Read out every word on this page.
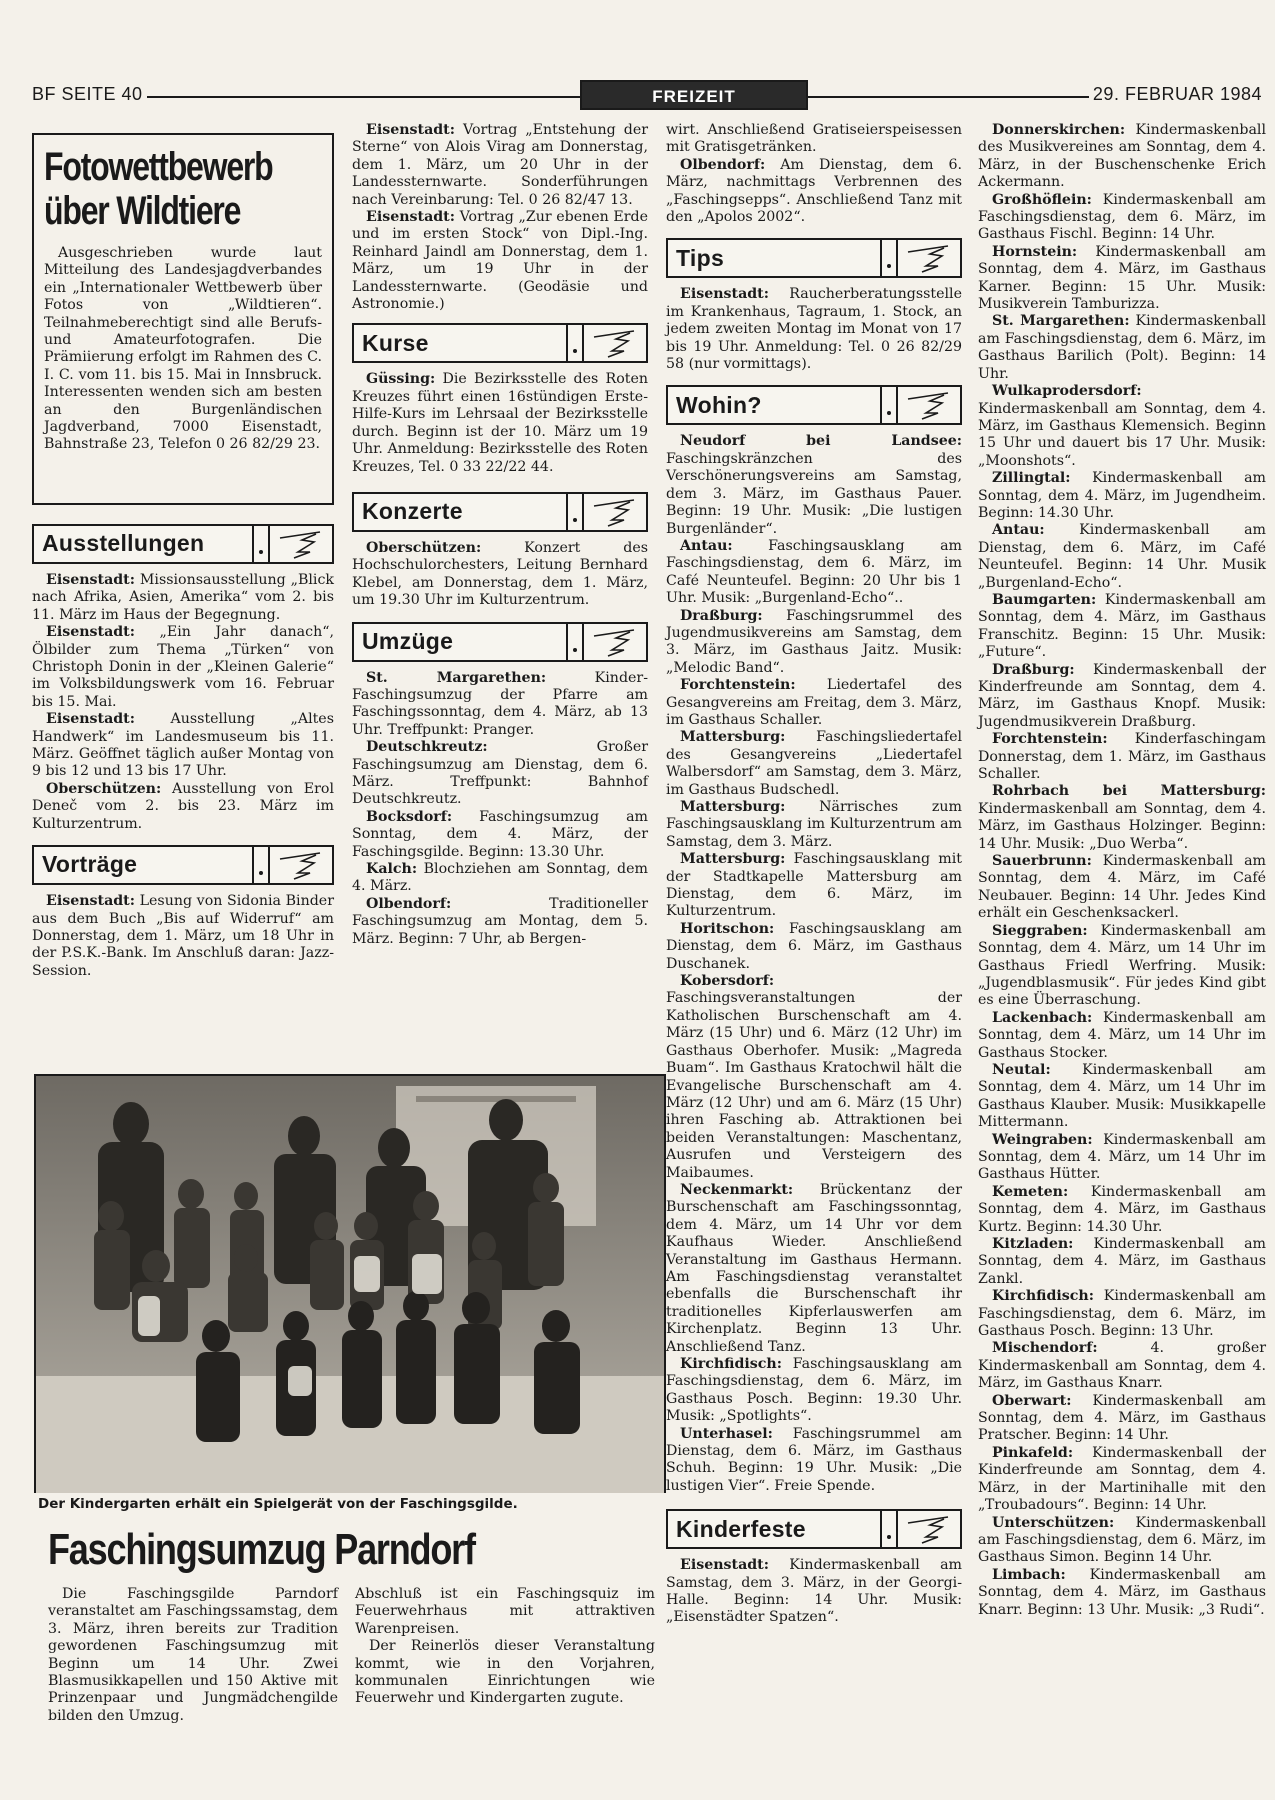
BF SEITE 40	FREIZEIT	29. FEBRUAR 1984
Fotowettbewerb
über Wildtiere

Ausgeschrieben wurde laut Mitteilung des Landesjagdverbandes ein „Internationaler Wettbewerb über Fotos von „Wildtieren“. Teilnahmeberechtigt sind alle Berufs- und Amateurfotografen. Die Prämiierung erfolgt im Rahmen des C. I. C. vom 11. bis 15. Mai in Innsbruck. Interessenten wenden sich am besten an den Burgenländischen Jagdverband, 7000 Eisenstadt, Bahnstraße 23, Telefon 0 26 82/29 23.

Ausstellungen

Eisenstadt: Missionsausstellung „Blick nach Afrika, Asien, Amerika“ vom 2. bis 11. März im Haus der Begegnung.

Eisenstadt: „Ein Jahr danach“, Ölbilder zum Thema „Türken“ von Christoph Donin in der „Kleinen Galerie“ im Volksbildungswerk vom 16. Februar bis 15. Mai.

Eisenstadt: Ausstellung „Altes Handwerk“ im Landesmuseum bis 11. März. Geöffnet täglich außer Montag von 9 bis 12 und 13 bis 17 Uhr.

Oberschützen: Ausstellung von Erol Deneč vom 2. bis 23. März im Kulturzentrum.

Vorträge

Eisenstadt: Lesung von Sidonia Binder aus dem Buch „Bis auf Widerruf“ am Donnerstag, dem 1. März, um 18 Uhr in der P.S.K.-Bank. Im Anschluß daran: Jazz-Session.

Eisenstadt: Vortrag „Entstehung der Sterne“ von Alois Virag am Donnerstag, dem 1. März, um 20 Uhr in der Landessternwarte. Sonderführungen nach Vereinbarung: Tel. 0 26 82/47 13.

Eisenstadt: Vortrag „Zur ebenen Erde und im ersten Stock“ von Dipl.-Ing. Reinhard Jaindl am Donnerstag, dem 1. März, um 19 Uhr in der Landessternwarte. (Geodäsie und Astronomie.)

Kurse

Güssing: Die Bezirksstelle des Roten Kreuzes führt einen 16stündigen Erste-Hilfe-Kurs im Lehrsaal der Bezirksstelle durch. Beginn ist der 10. März um 19 Uhr. Anmeldung: Bezirksstelle des Roten Kreuzes, Tel. 0 33 22/22 44.

Konzerte

Oberschützen: Konzert des Hochschulorchesters, Leitung Bernhard Klebel, am Donnerstag, dem 1. März, um 19.30 Uhr im Kulturzentrum.

Umzüge

St. Margarethen: Kinder-Faschingsumzug der Pfarre am Faschingssonntag, dem 4. März, ab 13 Uhr. Treffpunkt: Pranger.

Deutschkreutz: Großer Faschingsumzug am Dienstag, dem 6. März. Treffpunkt: Bahnhof Deutschkreutz.

Bocksdorf: Faschingsumzug am Sonntag, dem 4. März, der Faschingsgilde. Beginn: 13.30 Uhr.

Kalch: Blochziehen am Sonntag, dem 4. März.

Olbendorf: Traditioneller Faschingsumzug am Montag, dem 5. März. Beginn: 7 Uhr, ab Bergen-

wirt. Anschließend Gratiseierspeisessen mit Gratisgetränken.

Olbendorf: Am Dienstag, dem 6. März, nachmittags Verbrennen des „Faschingsepps“. Anschließend Tanz mit den „Apolos 2002“.

Tips

Eisenstadt: Raucherberatungsstelle im Krankenhaus, Tagraum, 1. Stock, an jedem zweiten Montag im Monat von 17 bis 19 Uhr. Anmeldung: Tel. 0 26 82/29 58 (nur vormittags).

Wohin?

Neudorf bei Landsee: Faschingskränzchen des Verschönerungsvereins am Samstag, dem 3. März, im Gasthaus Pauer. Beginn: 19 Uhr. Musik: „Die lustigen Burgenländer“.

Antau: Faschingsausklang am Faschingsdienstag, dem 6. März, im Café Neunteufel. Beginn: 20 Uhr bis 1 Uhr. Musik: „Burgenland-Echo“..

Draßburg: Faschingsrummel des Jugendmusikvereins am Samstag, dem 3. März, im Gasthaus Jaitz. Musik: „Melodic Band“.

Forchtenstein: Liedertafel des Gesangvereins am Freitag, dem 3. März, im Gasthaus Schaller.

Mattersburg: Faschingsliedertafel des Gesangvereins „Liedertafel Walbersdorf“ am Samstag, dem 3. März, im Gasthaus Budschedl.

Mattersburg: Närrisches zum Faschingsausklang im Kulturzentrum am Samstag, dem 3. März.

Mattersburg: Faschingsausklang mit der Stadtkapelle Mattersburg am Dienstag, dem 6. März, im Kulturzentrum.

Horitschon: Faschingsausklang am Dienstag, dem 6. März, im Gasthaus Duschanek.

Kobersdorf: Faschingsveranstaltungen der Katholischen Burschenschaft am 4. März (15 Uhr) und 6. März (12 Uhr) im Gasthaus Oberhofer. Musik: „Magreda Buam“. Im Gasthaus Kratochwil hält die Evangelische Burschenschaft am 4. März (12 Uhr) und am 6. März (15 Uhr) ihren Fasching ab. Attraktionen bei beiden Veranstaltungen: Maschentanz, Ausrufen und Versteigern des Maibaumes.

Neckenmarkt: Brückentanz der Burschenschaft am Faschingssonntag, dem 4. März, um 14 Uhr vor dem Kaufhaus Wieder. Anschließend Veranstaltung im Gasthaus Hermann. Am Faschingsdienstag veranstaltet ebenfalls die Burschenschaft ihr traditionelles Kipferlauswerfen am Kirchenplatz. Beginn 13 Uhr. Anschließend Tanz.

Kirchfidisch: Faschingsausklang am Faschingsdienstag, dem 6. März, im Gasthaus Posch. Beginn: 19.30 Uhr. Musik: „Spotlights“.

Unterhasel: Faschingsrummel am Dienstag, dem 6. März, im Gasthaus Schuh. Beginn: 19 Uhr. Musik: „Die lustigen Vier“. Freie Spende.

Kinderfeste

Eisenstadt: Kindermaskenball am Samstag, dem 3. März, in der Georgi-Halle. Beginn: 14 Uhr. Musik: „Eisenstädter Spatzen“.

Donnerskirchen: Kindermaskenball des Musikvereines am Sonntag, dem 4. März, in der Buschenschenke Erich Ackermann.

Großhöflein: Kindermaskenball am Faschingsdienstag, dem 6. März, im Gasthaus Fischl. Beginn: 14 Uhr.

Hornstein: Kindermaskenball am Sonntag, dem 4. März, im Gasthaus Karner. Beginn: 15 Uhr. Musik: Musikverein Tamburizza.

St. Margarethen: Kindermaskenball am Faschingsdienstag, dem 6. März, im Gasthaus Barilich (Polt). Beginn: 14 Uhr.

Wulkaprodersdorf: Kindermaskenball am Sonntag, dem 4. März, im Gasthaus Klemensich. Beginn 15 Uhr und dauert bis 17 Uhr. Musik: „Moonshots“.

Zillingtal: Kindermaskenball am Sonntag, dem 4. März, im Jugendheim. Beginn: 14.30 Uhr.

Antau: Kindermaskenball am Dienstag, dem 6. März, im Café Neunteufel. Beginn: 14 Uhr. Musik „Burgenland-Echo“.

Baumgarten: Kindermaskenball am Sonntag, dem 4. März, im Gasthaus Franschitz. Beginn: 15 Uhr. Musik: „Future“.

Draßburg: Kindermaskenball der Kinderfreunde am Sonntag, dem 4. März, im Gasthaus Knopf. Musik: Jugendmusikverein Draßburg.

Forchtenstein: Kinderfaschingam Donnerstag, dem 1. März, im Gasthaus Schaller.

Rohrbach bei Mattersburg: Kindermaskenball am Sonntag, dem 4. März, im Gasthaus Holzinger. Beginn: 14 Uhr. Musik: „Duo Werba“.

Sauerbrunn: Kindermaskenball am Sonntag, dem 4. März, im Café Neubauer. Beginn: 14 Uhr. Jedes Kind erhält ein Geschenksackerl.

Sieggraben: Kindermaskenball am Sonntag, dem 4. März, um 14 Uhr im Gasthaus Friedl Werfring. Musik: „Jugendblasmusik“. Für jedes Kind gibt es eine Überraschung.

Lackenbach: Kindermaskenball am Sonntag, dem 4. März, um 14 Uhr im Gasthaus Stocker.

Neutal: Kindermaskenball am Sonntag, dem 4. März, um 14 Uhr im Gasthaus Klauber. Musik: Musikkapelle Mittermann.

Weingraben: Kindermaskenball am Sonntag, dem 4. März, um 14 Uhr im Gasthaus Hütter.

Kemeten: Kindermaskenball am Sonntag, dem 4. März, im Gasthaus Kurtz. Beginn: 14.30 Uhr.

Kitzladen: Kindermaskenball am Sonntag, dem 4. März, im Gasthaus Zankl.

Kirchfidisch: Kindermaskenball am Faschingsdienstag, dem 6. März, im Gasthaus Posch. Beginn: 13 Uhr.

Mischendorf: 4. großer Kindermaskenball am Sonntag, dem 4. März, im Gasthaus Knarr.

Oberwart: Kindermaskenball am Sonntag, dem 4. März, im Gasthaus Pratscher. Beginn: 14 Uhr.

Pinkafeld: Kindermaskenball der Kinderfreunde am Sonntag, dem 4. März, in der Martinihalle mit den „Troubadours“. Beginn: 14 Uhr.

Unterschützen: Kindermaskenball am Faschingsdienstag, dem 6. März, im Gasthaus Simon. Beginn 14 Uhr.

Limbach: Kindermaskenball am Sonntag, dem 4. März, im Gasthaus Knarr. Beginn: 13 Uhr. Musik: „3 Rudi“.

Der Kindergarten erhält ein Spielgerät von der Faschingsgilde.
Faschingsumzug Parndorf

Die Faschingsgilde Parndorf veranstaltet am Faschingssamstag, dem 3. März, ihren bereits zur Tradition gewordenen Faschingsumzug mit Beginn um 14 Uhr. Zwei Blasmusikkapellen und 150 Aktive mit Prinzenpaar und Jungmädchengilde bilden den Umzug.

Abschluß ist ein Faschingsquiz im Feuerwehrhaus mit attraktiven Warenpreisen.

Der Reinerlös dieser Veranstaltung kommt, wie in den Vorjahren, kommunalen Einrichtungen wie Feuerwehr und Kindergarten zugute.
